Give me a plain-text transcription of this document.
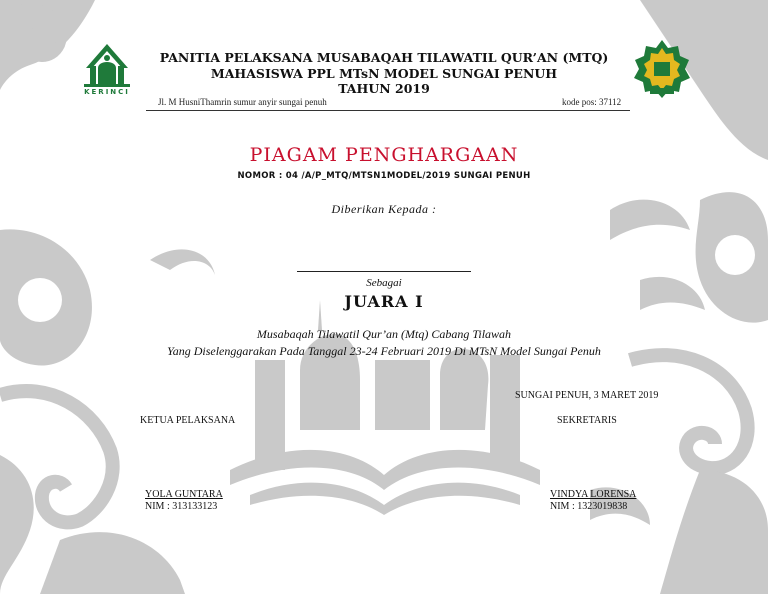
KERINCI
PANITIA PELAKSANA MUSABAQAH TILAWATIL QUR’AN (MTQ)
MAHASISWA PPL MTsN MODEL SUNGAI PENUH
TAHUN 2019
Jl. M HusniThamrin sumur anyir sungai penuh	kode pos: 37112
PIAGAM PENGHARGAAN
NOMOR : 04 /A/P_MTQ/MTSN1MODEL/2019 SUNGAI PENUH
Diberikan Kepada :
Sebagai
JUARA I
Musabaqah Tilawatil Qur’an (Mtq) Cabang Tilawah
Yang Diselenggarakan Pada Tanggal 23-24 Februari 2019 Di MTsN Model Sungai Penuh
SUNGAI PENUH, 3 MARET 2019
KETUA PELAKSANA	SEKRETARIS
YOLA GUNTARA
NIM : 313133123
VINDYA LORENSA
NIM : 1323019838
